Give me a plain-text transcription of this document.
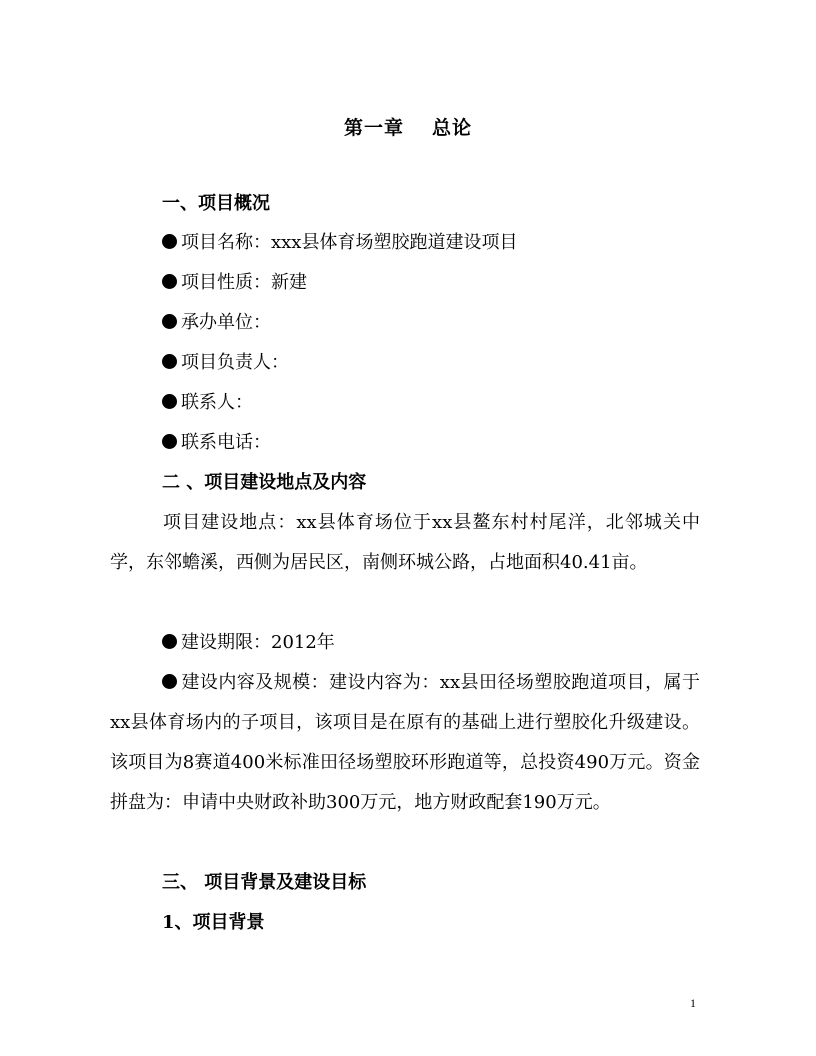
第一章 总论
一、项目概况
项目名称：xxx县体育场塑胶跑道建设项目
项目性质：新建
承办单位：
项目负责人：
联系人：
联系电话：
二 、项目建设地点及内容
项目建设地点：xx县体育场位于xx县鳌东村村尾洋，北邻城关中学，东邻蟾溪，西侧为居民区，南侧环城公路，占地面积40.41亩。
建设期限：2012年
建设内容及规模：建设内容为：xx县田径场塑胶跑道项目，属于xx县体育场内的子项目，该项目是在原有的基础上进行塑胶化升级建设。该项目为8赛道400米标准田径场塑胶环形跑道等，总投资490万元。资金拼盘为：申请中央财政补助300万元，地方财政配套190万元。
三、 项目背景及建设目标
1、项目背景
1
